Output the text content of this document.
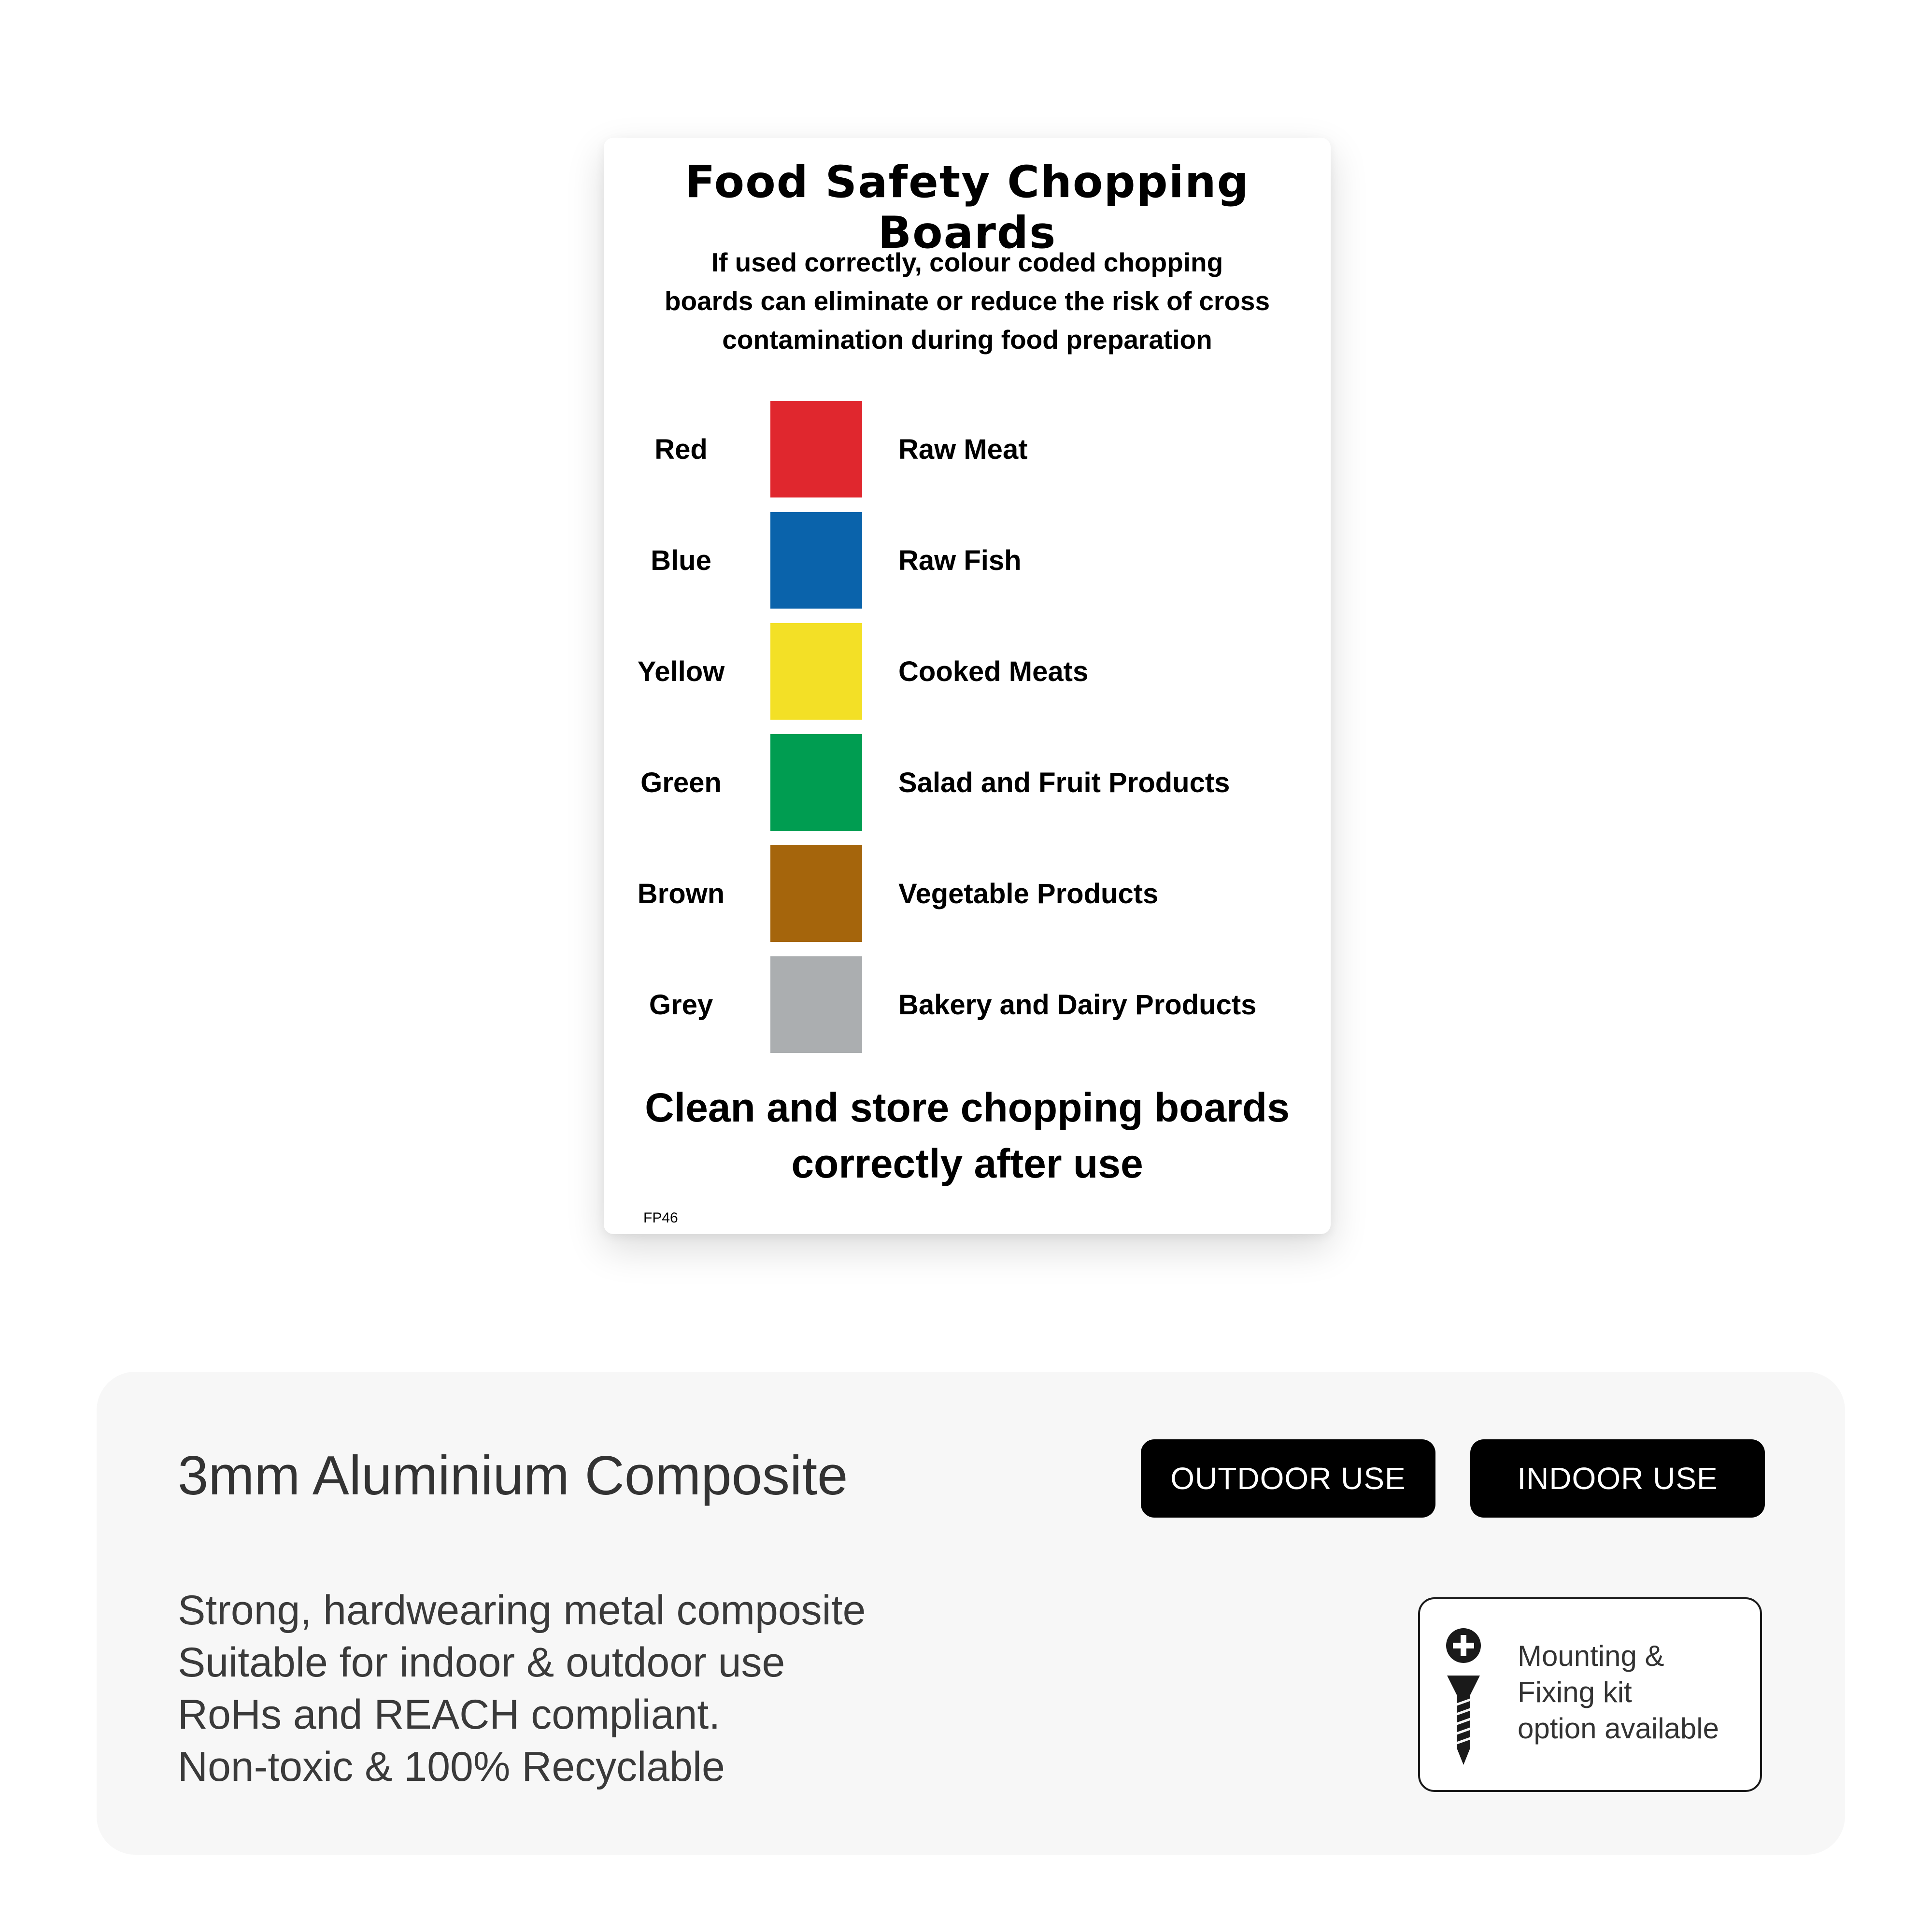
Food Safety Chopping Boards
If used correctly, colour coded chopping
boards can eliminate or reduce the risk of cross
contamination during food preparation
Red	Raw Meat
Blue	Raw Fish
Yellow	Cooked Meats
Green	Salad and Fruit Products
Brown	Vegetable Products
Grey	Bakery and Dairy Products
Clean and store chopping boards
correctly after use
FP46
3mm Aluminium Composite	OUTDOOR USE	INDOOR USE
Strong, hardwearing metal composite
Suitable for indoor & outdoor use
RoHs and REACH compliant.
Non-toxic & 100% Recyclable
Mounting &
Fixing kit
option available
